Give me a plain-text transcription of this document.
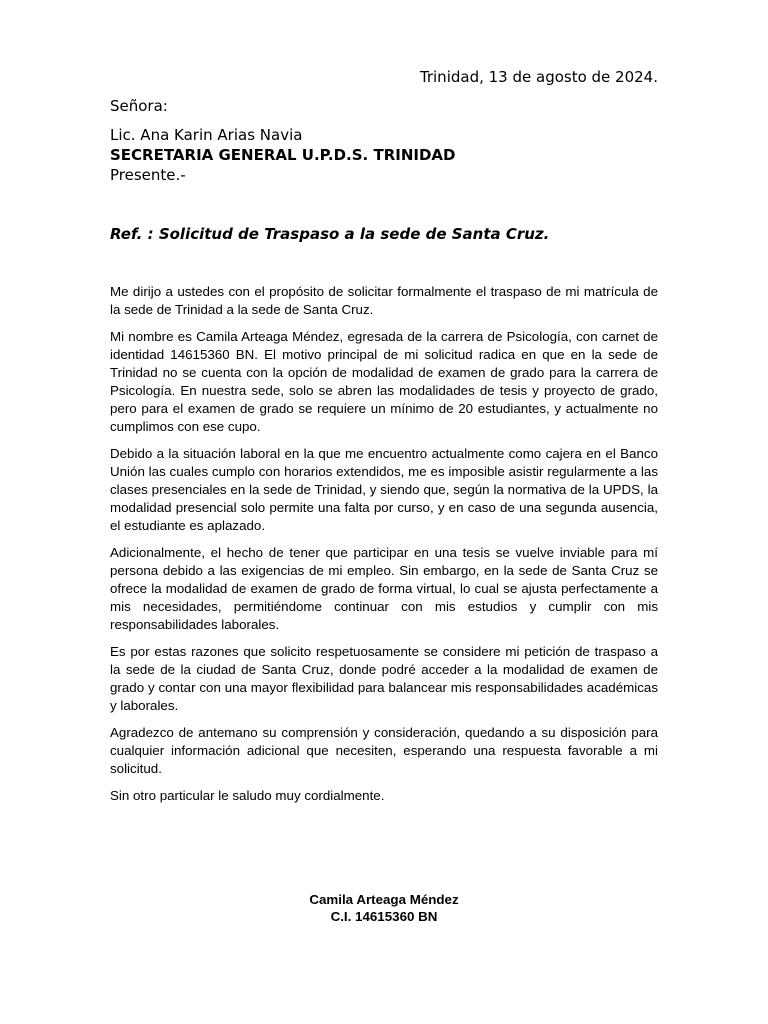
Trinidad, 13 de agosto de 2024.
Señora:
Lic. Ana Karin Arias Navia
SECRETARIA GENERAL U.P.D.S. TRINIDAD
Presente.-
Ref. : Solicitud de Traspaso a la sede de Santa Cruz.

Me dirijo a ustedes con el propósito de solicitar formalmente el traspaso de mi matrícula de la sede de Trinidad a la sede de Santa Cruz.

Mi nombre es Camila Arteaga Méndez, egresada de la carrera de Psicología, con carnet de identidad 14615360 BN. El motivo principal de mi solicitud radica en que en la sede de Trinidad no se cuenta con la opción de modalidad de examen de grado para la carrera de Psicología. En nuestra sede, solo se abren las modalidades de tesis y proyecto de grado, pero para el examen de grado se requiere un mínimo de 20 estudiantes, y actualmente no cumplimos con ese cupo.

Debido a la situación laboral en la que me encuentro actualmente como cajera en el Banco Unión las cuales cumplo con horarios extendidos, me es imposible asistir regularmente a las clases presenciales en la sede de Trinidad, y siendo que, según la normativa de la UPDS, la modalidad presencial solo permite una falta por curso, y en caso de una segunda ausencia, el estudiante es aplazado.

Adicionalmente, el hecho de tener que participar en una tesis se vuelve inviable para mí persona debido a las exigencias de mi empleo. Sin embargo, en la sede de Santa Cruz se ofrece la modalidad de examen de grado de forma virtual, lo cual se ajusta perfectamente a mis necesidades, permitiéndome continuar con mis estudios y cumplir con mis responsabilidades laborales.

Es por estas razones que solicito respetuosamente se considere mi petición de traspaso a la sede de la ciudad de Santa Cruz, donde podré acceder a la modalidad de examen de grado y contar con una mayor flexibilidad para balancear mis responsabilidades académicas y laborales.

Agradezco de antemano su comprensión y consideración, quedando a su disposición para cualquier información adicional que necesiten, esperando una respuesta favorable a mi solicitud.

Sin otro particular le saludo muy cordialmente.

Camila Arteaga Méndez
C.I. 14615360 BN
